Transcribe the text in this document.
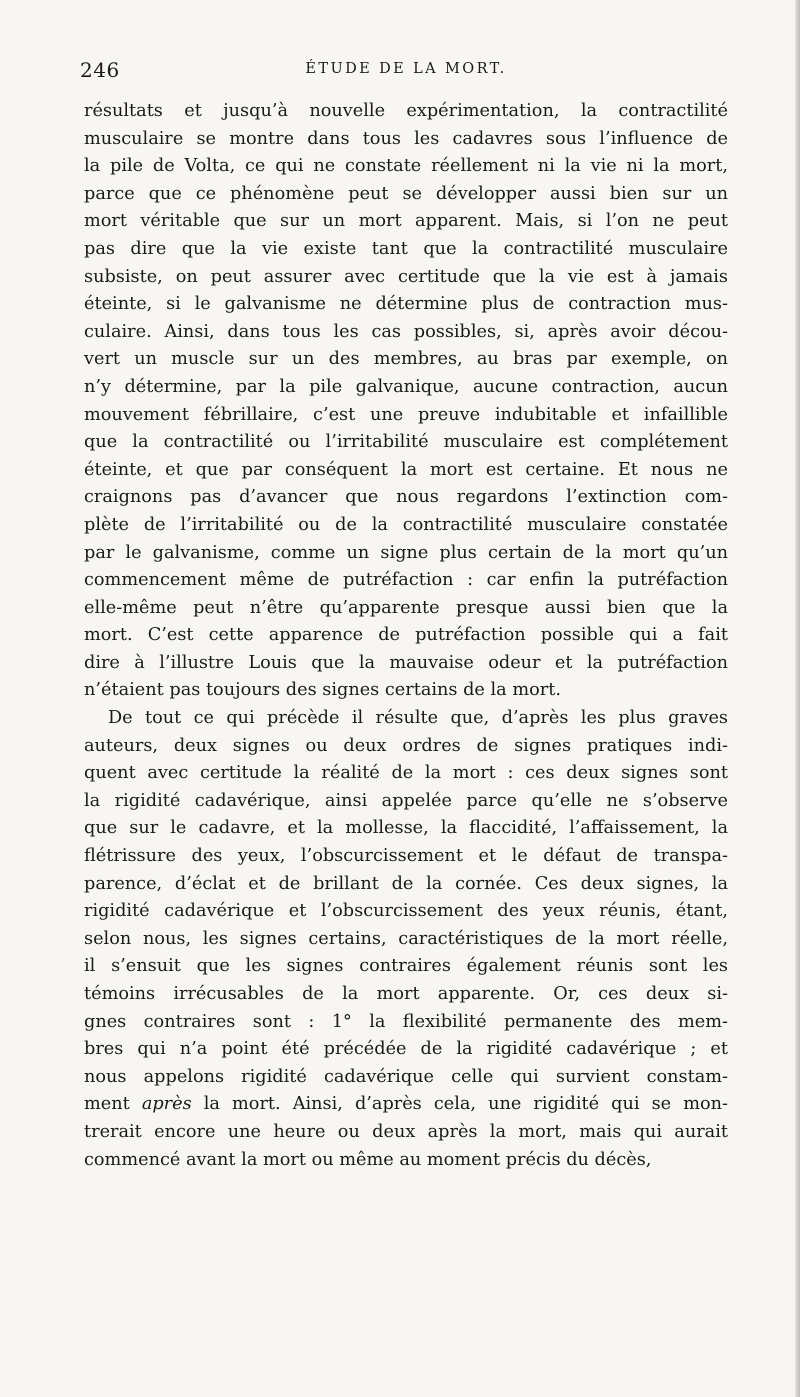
246	ÉTUDE DE LA MORT.
résultats et jusqu’à nouvelle expérimentation, la contractilité
musculaire se montre dans tous les cadavres sous l’influence de
la pile de Volta, ce qui ne constate réellement ni la vie ni la mort,
parce que ce phénomène peut se développer aussi bien sur un
mort véritable que sur un mort apparent. Mais, si l’on ne peut
pas dire que la vie existe tant que la contractilité musculaire
subsiste, on peut assurer avec certitude que la vie est à jamais
éteinte, si le galvanisme ne détermine plus de contraction mus-
culaire. Ainsi, dans tous les cas possibles, si, après avoir décou-
vert un muscle sur un des membres, au bras par exemple, on
n’y détermine, par la pile galvanique, aucune contraction, aucun
mouvement fébrillaire, c’est une preuve indubitable et infaillible
que la contractilité ou l’irritabilité musculaire est complétement
éteinte, et que par conséquent la mort est certaine. Et nous ne
craignons pas d’avancer que nous regardons l’extinction com-
plète de l’irritabilité ou de la contractilité musculaire constatée
par le galvanisme, comme un signe plus certain de la mort qu’un
commencement même de putréfaction : car enfin la putréfaction
elle-même peut n’être qu’apparente presque aussi bien que la
mort. C’est cette apparence de putréfaction possible qui a fait
dire à l’illustre Louis que la mauvaise odeur et la putréfaction
n’étaient pas toujours des signes certains de la mort.
De tout ce qui précède il résulte que, d’après les plus graves
auteurs, deux signes ou deux ordres de signes pratiques indi-
quent avec certitude la réalité de la mort : ces deux signes sont
la rigidité cadavérique, ainsi appelée parce qu’elle ne s’observe
que sur le cadavre, et la mollesse, la flaccidité, l’affaissement, la
flétrissure des yeux, l’obscurcissement et le défaut de transpa-
parence, d’éclat et de brillant de la cornée. Ces deux signes, la
rigidité cadavérique et l’obscurcissement des yeux réunis, étant,
selon nous, les signes certains, caractéristiques de la mort réelle,
il s’ensuit que les signes contraires également réunis sont les
témoins irrécusables de la mort apparente. Or, ces deux si-
gnes contraires sont : 1° la flexibilité permanente des mem-
bres qui n’a point été précédée de la rigidité cadavérique ; et
nous appelons rigidité cadavérique celle qui survient constam-
ment après la mort. Ainsi, d’après cela, une rigidité qui se mon-
trerait encore une heure ou deux après la mort, mais qui aurait
commencé avant la mort ou même au moment précis du décès,
